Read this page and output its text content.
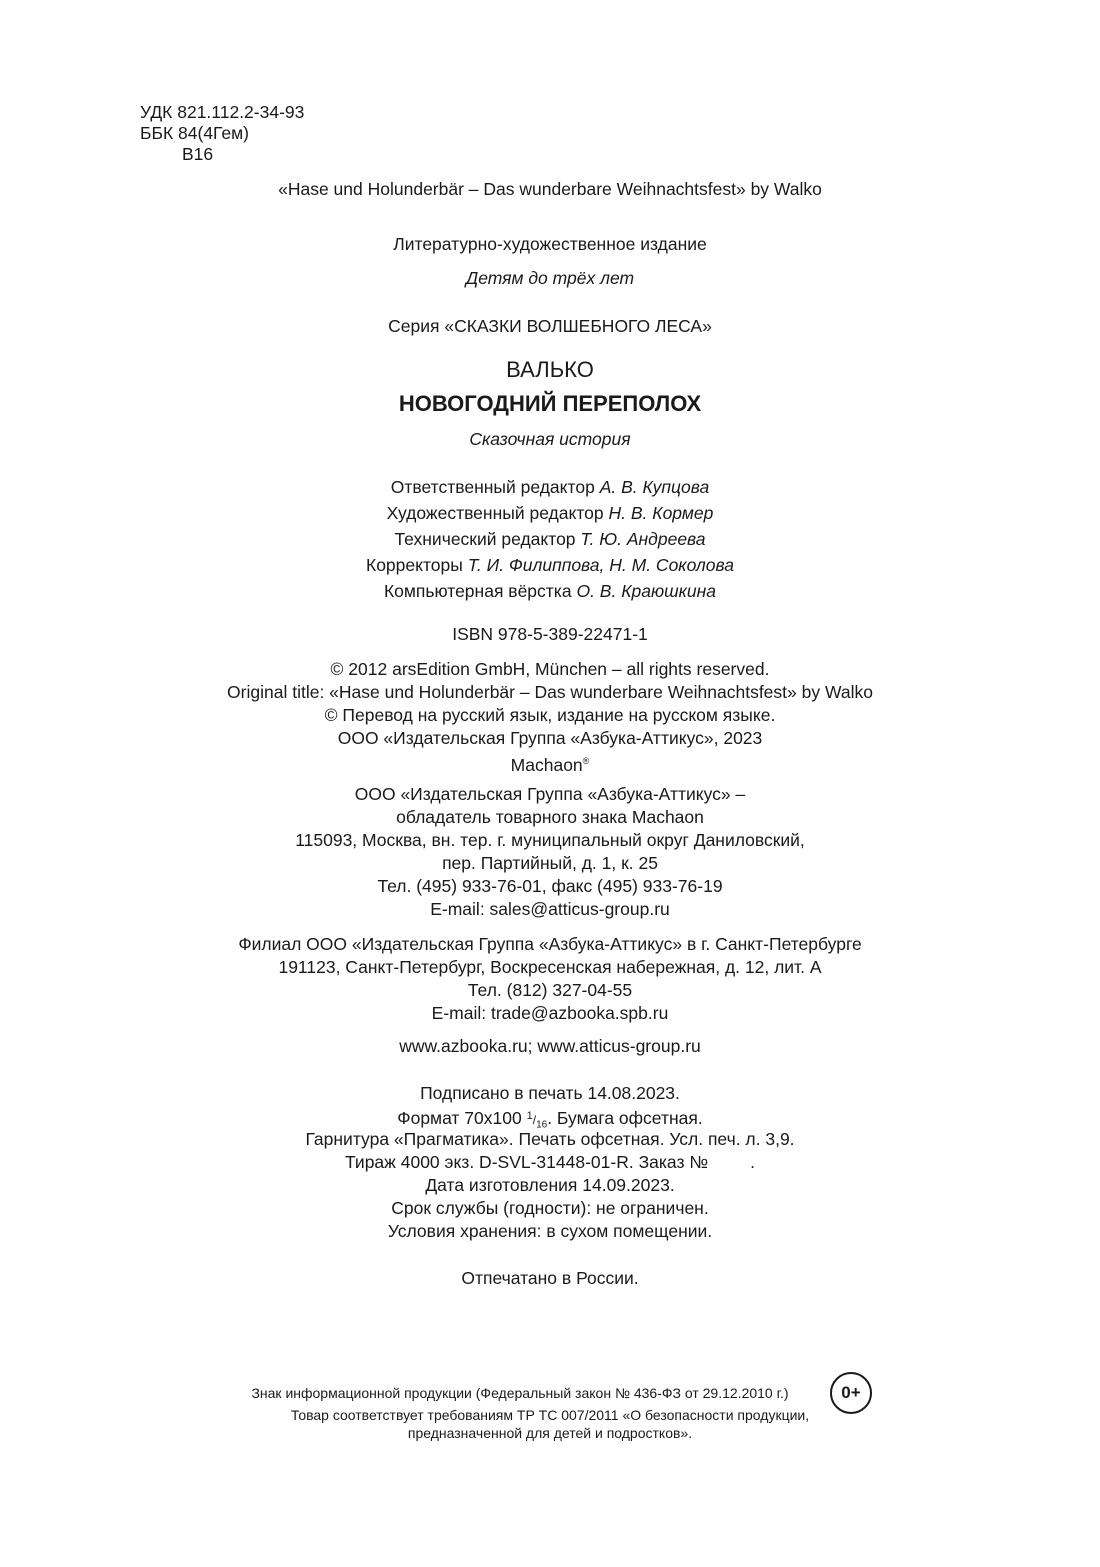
УДК 821.112.2-34-93
ББК 84(4Гем)
В16
«Hase und Holunderbär – Das wunderbare Weihnachtsfest» by Walko
Литературно-художественное издание
Детям до трёх лет
Серия «СКАЗКИ ВОЛШЕБНОГО ЛЕСА»
ВАЛЬКО
НОВОГОДНИЙ ПЕРЕПОЛОХ
Сказочная история
Ответственный редактор А. В. Купцова
Художественный редактор Н. В. Кормер
Технический редактор Т. Ю. Андреева
Корректоры Т. И. Филиппова, Н. М. Соколова
Компьютерная вёрстка О. В. Краюшкина
ISBN 978-5-389-22471-1
© 2012 arsEdition GmbH, München – all rights reserved.
Original title: «Hase und Holunderbär – Das wunderbare Weihnachtsfest» by Walko
© Перевод на русский язык, издание на русском языке.
ООО «Издательская Группа «Азбука-Аттикус», 2023
Machaon®
ООО «Издательская Группа «Азбука-Аттикус» –
обладатель товарного знака Machaon
115093, Москва, вн. тер. г. муниципальный округ Даниловский,
пер. Партийный, д. 1, к. 25
Тел. (495) 933-76-01, факс (495) 933-76-19
E-mail: sales@atticus-group.ru
Филиал ООО «Издательская Группа «Азбука-Аттикус» в г. Санкт-Петербурге
191123, Санкт-Петербург, Воскресенская набережная, д. 12, лит. А
Тел. (812) 327-04-55
E-mail: trade@azbooka.spb.ru
www.azbooka.ru; www.atticus-group.ru
Подписано в печать 14.08.2023.
Формат 70х100 $^1/_{16}$. Бумага офсетная.
Гарнитура «Прагматика». Печать офсетная. Усл. печ. л. 3,9.
Тираж 4000 экз. D-SVL-31448-01-R. Заказ № .
Дата изготовления 14.09.2023.
Срок службы (годности): не ограничен.
Условия хранения: в сухом помещении.
Отпечатано в России.
Знак информационной продукции (Федеральный закон № 436-ФЗ от 29.12.2010 г.)	0+
Товар соответствует требованиям ТР ТС 007/2011 «О безопасности продукции,
предназначенной для детей и подростков».
